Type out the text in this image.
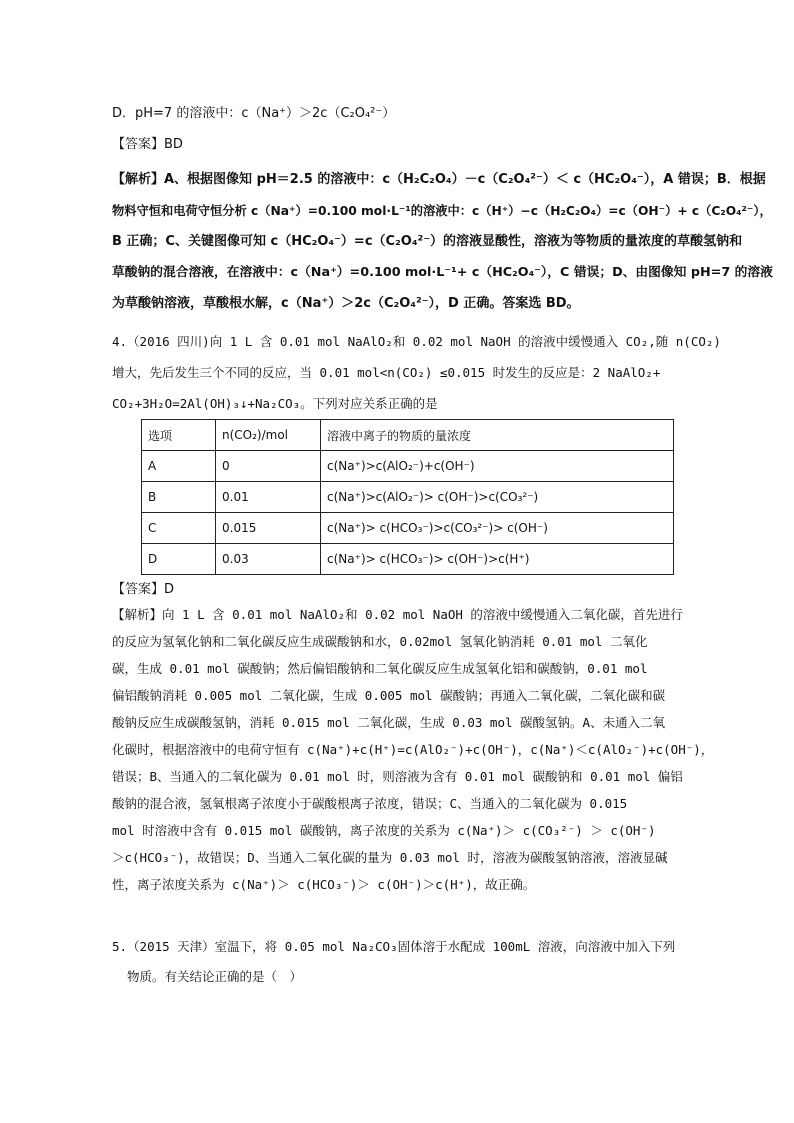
D．pH=7 的溶液中：c（Na⁺）＞2c（C₂O₄²⁻）
【答案】BD
【解析】A、根据图像知 pH＝2.5 的溶液中：c（H₂C₂O₄）－c（C₂O₄²⁻）＜ c（HC₂O₄⁻），A 错误；B．根据
物料守恒和电荷守恒分析 c（Na⁺）=0.100 mol·L⁻¹的溶液中：c（H⁺）−c（H₂C₂O₄）=c（OH⁻）+ c（C₂O₄²⁻），
B 正确；C、关键图像可知 c（HC₂O₄⁻）=c（C₂O₄²⁻）的溶液显酸性，溶液为等物质的量浓度的草酸氢钠和
草酸钠的混合溶液，在溶液中：c（Na⁺）=0.100 mol·L⁻¹+ c（HC₂O₄⁻），C 错误；D、由图像知 pH=7 的溶液
为草酸钠溶液，草酸根水解，c（Na⁺）＞2c（C₂O₄²⁻），D 正确。答案选 BD。
4.（2016 四川)向 1 L 含 0.01 mol NaAlO₂和 0.02 mol NaOH 的溶液中缓慢通入 CO₂,随 n(CO₂)
增大，先后发生三个不同的反应，当 0.01 mol<n(CO₂) ≤0.015 时发生的反应是：2 NaAlO₂+
CO₂+3H₂O=2Al(OH)₃↓+Na₂CO₃。下列对应关系正确的是
选项	n(CO₂)/mol	溶液中离子的物质的量浓度
A	0	c(Na⁺)>c(AlO₂⁻)+c(OH⁻)
B	0.01	c(Na⁺)>c(AlO₂⁻)> c(OH⁻)>c(CO₃²⁻)
C	0.015	c(Na⁺)> c(HCO₃⁻)>c(CO₃²⁻)> c(OH⁻)
D	0.03	c(Na⁺)> c(HCO₃⁻)> c(OH⁻)>c(H⁺)
【答案】D
【解析】向 1 L 含 0.01 mol NaAlO₂和 0.02 mol NaOH 的溶液中缓慢通入二氧化碳，首先进行
的反应为氢氧化钠和二氧化碳反应生成碳酸钠和水，0.02mol 氢氧化钠消耗 0.01 mol 二氧化
碳，生成 0.01 mol 碳酸钠；然后偏铝酸钠和二氧化碳反应生成氢氧化铝和碳酸钠，0.01 mol
偏铝酸钠消耗 0.005 mol 二氧化碳，生成 0.005 mol 碳酸钠；再通入二氧化碳，二氧化碳和碳
酸钠反应生成碳酸氢钠，消耗 0.015 mol 二氧化碳，生成 0.03 mol 碳酸氢钠。A、未通入二氧
化碳时，根据溶液中的电荷守恒有 c(Na⁺)+c(H⁺)=c(AlO₂⁻)+c(OH⁻)，c(Na⁺)＜c(AlO₂⁻)+c(OH⁻)，
错误；B、当通入的二氧化碳为 0.01 mol 时，则溶液为含有 0.01 mol 碳酸钠和 0.01 mol 偏铝
酸钠的混合液，氢氧根离子浓度小于碳酸根离子浓度，错误；C、当通入的二氧化碳为 0.015
mol 时溶液中含有 0.015 mol 碳酸钠，离子浓度的关系为 c(Na⁺)＞ c(CO₃²⁻) ＞ c(OH⁻)
＞c(HCO₃⁻)，故错误；D、当通入二氧化碳的量为 0.03 mol 时，溶液为碳酸氢钠溶液，溶液显碱
性，离子浓度关系为 c(Na⁺)＞ c(HCO₃⁻)＞ c(OH⁻)＞c(H⁺)，故正确。
5.（2015 天津）室温下，将 0.05 mol Na₂CO₃固体溶于水配成 100mL 溶液，向溶液中加入下列
物质。有关结论正确的是（　）
